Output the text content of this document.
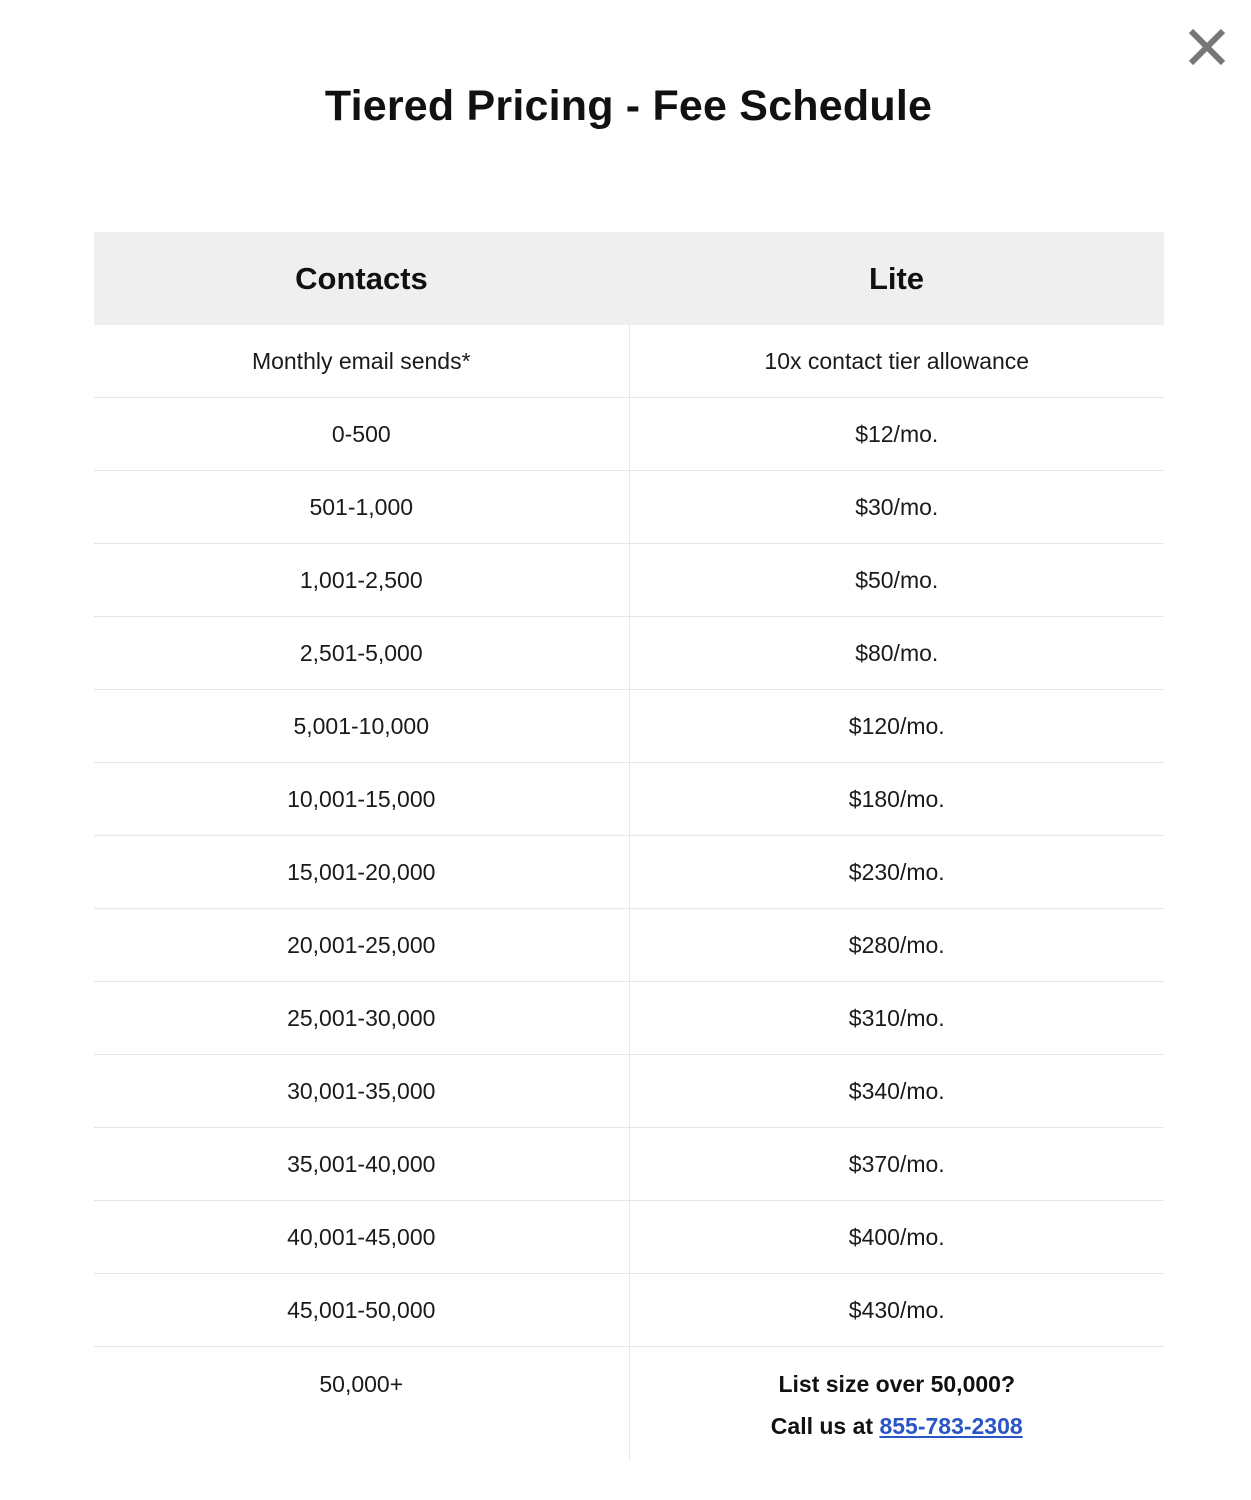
Tiered Pricing - Fee Schedule
Contacts	Lite
Monthly email sends*	10x contact tier allowance
0-500	$12/mo.
501-1,000	$30/mo.
1,001-2,500	$50/mo.
2,501-5,000	$80/mo.
5,001-10,000	$120/mo.
10,001-15,000	$180/mo.
15,001-20,000	$230/mo.
20,001-25,000	$280/mo.
25,001-30,000	$310/mo.
30,001-35,000	$340/mo.
35,001-40,000	$370/mo.
40,001-45,000	$400/mo.
45,001-50,000	$430/mo.

50,000+	List size over 50,000?
Call us at 855-783-2308
